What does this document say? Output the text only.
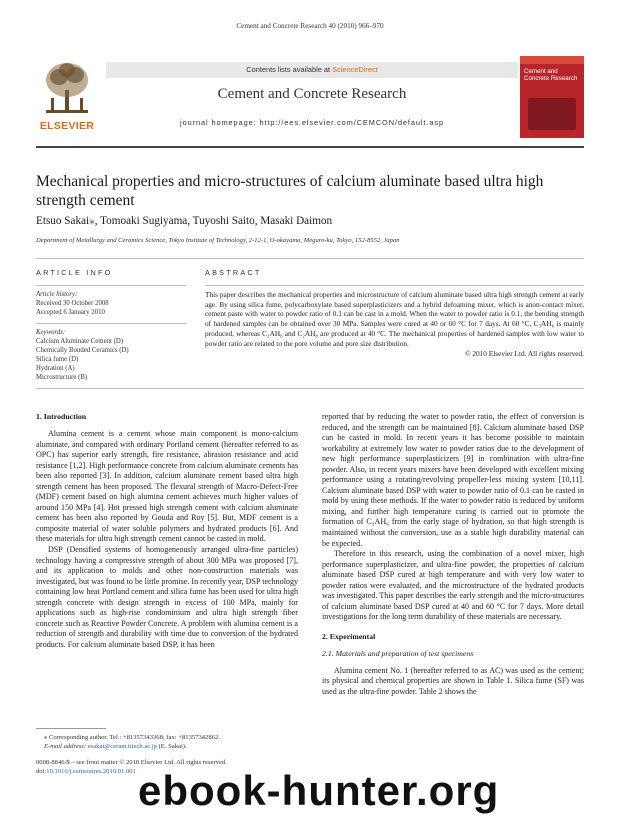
Cement and Concrete Research 40 (2010) 966–970
ELSEVIER
Contents lists available at ScienceDirect
Cement and Concrete Research
journal homepage: http://ees.elsevier.com/CEMCON/default.asp
Cement and Concrete Research
Mechanical properties and micro-structures of calcium aluminate based ultra high strength cement
Etsuo Sakai⁎, Tomoaki Sugiyama, Tuyoshi Saito, Masaki Daimon
Department of Metallurgy and Ceramics Science, Tokyo Institute of Technology, 2-12-1, O-okayama, Meguro-ku, Tokyo, 152-8552, Japan
ARTICLE INFO
Article history:
Received 30 October 2008
Accepted 6 January 2010
Keywords:
Calcium Aluminate Cement (D)
Chemically Bonded Ceramics (D)
Silica fume (D)
Hydration (A)
Microstructure (B)
ABSTRACT
This paper describes the mechanical properties and microstructure of calcium aluminate based ultra high strength cement at early age. By using silica fume, polycarboxylate based superplasticizers and a hybrid defoaming mixer, which is anon-contact mixer, cement paste with water to powder ratio of 0.1 can be cast in a mold. When the water to powder ratio is 0.1, the bending strength of hardened samples can be obtained over 30 MPa. Samples were cured at 40 or 60 °C for 7 days. At 60 °C, C₃AH₆ is mainly produced, whereas C₂AH₈ and C₂AH₈ are produced at 40 °C. The mechanical properties of hardened samples with low water to powder ratio are related to the pore volume and pore size distribution.
© 2010 Elsevier Ltd. All rights reserved.
1. Introduction
Alumina cement is a cement whose main component is mono-calcium aluminate, and compared with ordinary Portland cement (hereafter referred to as OPC) has superior early strength, fire resistance, abrasion resistance and acid resistance [1,2]. High performance concrete from calcium aluminate cements has been also reported [3]. In addition, calcium aluminate cement based ultra high strength cement has been proposed. The flexural strength of Macro-Defect-Free (MDF) cement based on high alumina cement achieves much higher values of around 150 MPa [4]. Hot pressed high strength cement with calcium aluminate cement has been also reported by Gouda and Roy [5]. But, MDF cement is a composite material of water soluble polymers and hydrated products [6]. And these materials for ultra high strength cement cannot be casted in mold.
DSP (Densified systems of homogeneously arranged ultra-fine particles) technology having a compressive strength of about 300 MPa was proposed [7], and its application to molds and other non-construction materials was investigated, but was found to be little promise. In recently year, DSP technology containing low heat Portland cement and silica fume has been used for ultra high strength concrete with design strength in excess of 100 MPa, mainly for applications such as high-rise condominium and ultra high strength fiber concrete such as Reactive Powder Concrete. A problem with alumina cement is a reduction of strength and durability with time due to conversion of the hydrated products. For calcium aluminate based DSP, it has been
reported that by reducing the water to powder ratio, the effect of conversion is reduced, and the strength can be maintained [8]. Calcium aluminate based DSP can be casted in mold. In recent years it has become possible to maintain workability at extremely low water to powder ratios due to the development of new high performance superplasticizers [9] in combination with ultra-fine powder. Also, in recent years mixers have been developed with excellent mixing performance using a rotating/revolving propeller-less mixing system [10,11]. Calcium aluminate based DSP with water to powder ratio of 0.1 can be casted in mold by using these methods. If the water to powder ratio is reduced by uniform mixing, and further high temperature curing is carried out to promote the formation of C₃AH₆ from the early stage of hydration, so that high strength is maintained without the conversion, use as a stable high durability material can be expected.
Therefore in this research, using the combination of a novel mixer, high performance superplasticizer, and ultra-fine powder, the properties of calcium aluminate based DSP cured at high temperature and with very low water to powder ratios were evaluated, and the microstructure of the hydrated products was investigated. This paper describes the early strength and the micro-structures of calcium aluminate based DSP cured at 40 and 60 °C for 7 days. More detail investigations for the long term durability of these materials are necessary.
2. Experimental
2.1. Materials and preparation of test specimens
Alumina cement No. 1 (hereafter referred to as AC) was used as the cement; its physical and chemical properties are shown in Table 1. Silica fume (SF) was used as the ultra-fine powder. Table 2 shows the
⁎ Corresponding author. Tel.: +81357343368; fax: +81357342862.
E-mail address: esakai@ceram.titech.ac.jp (E. Sakai).
0008-8846/$ – see front matter © 2010 Elsevier Ltd. All rights reserved.
doi:10.1016/j.cemconres.2010.01.001 ebook-hunter.org
